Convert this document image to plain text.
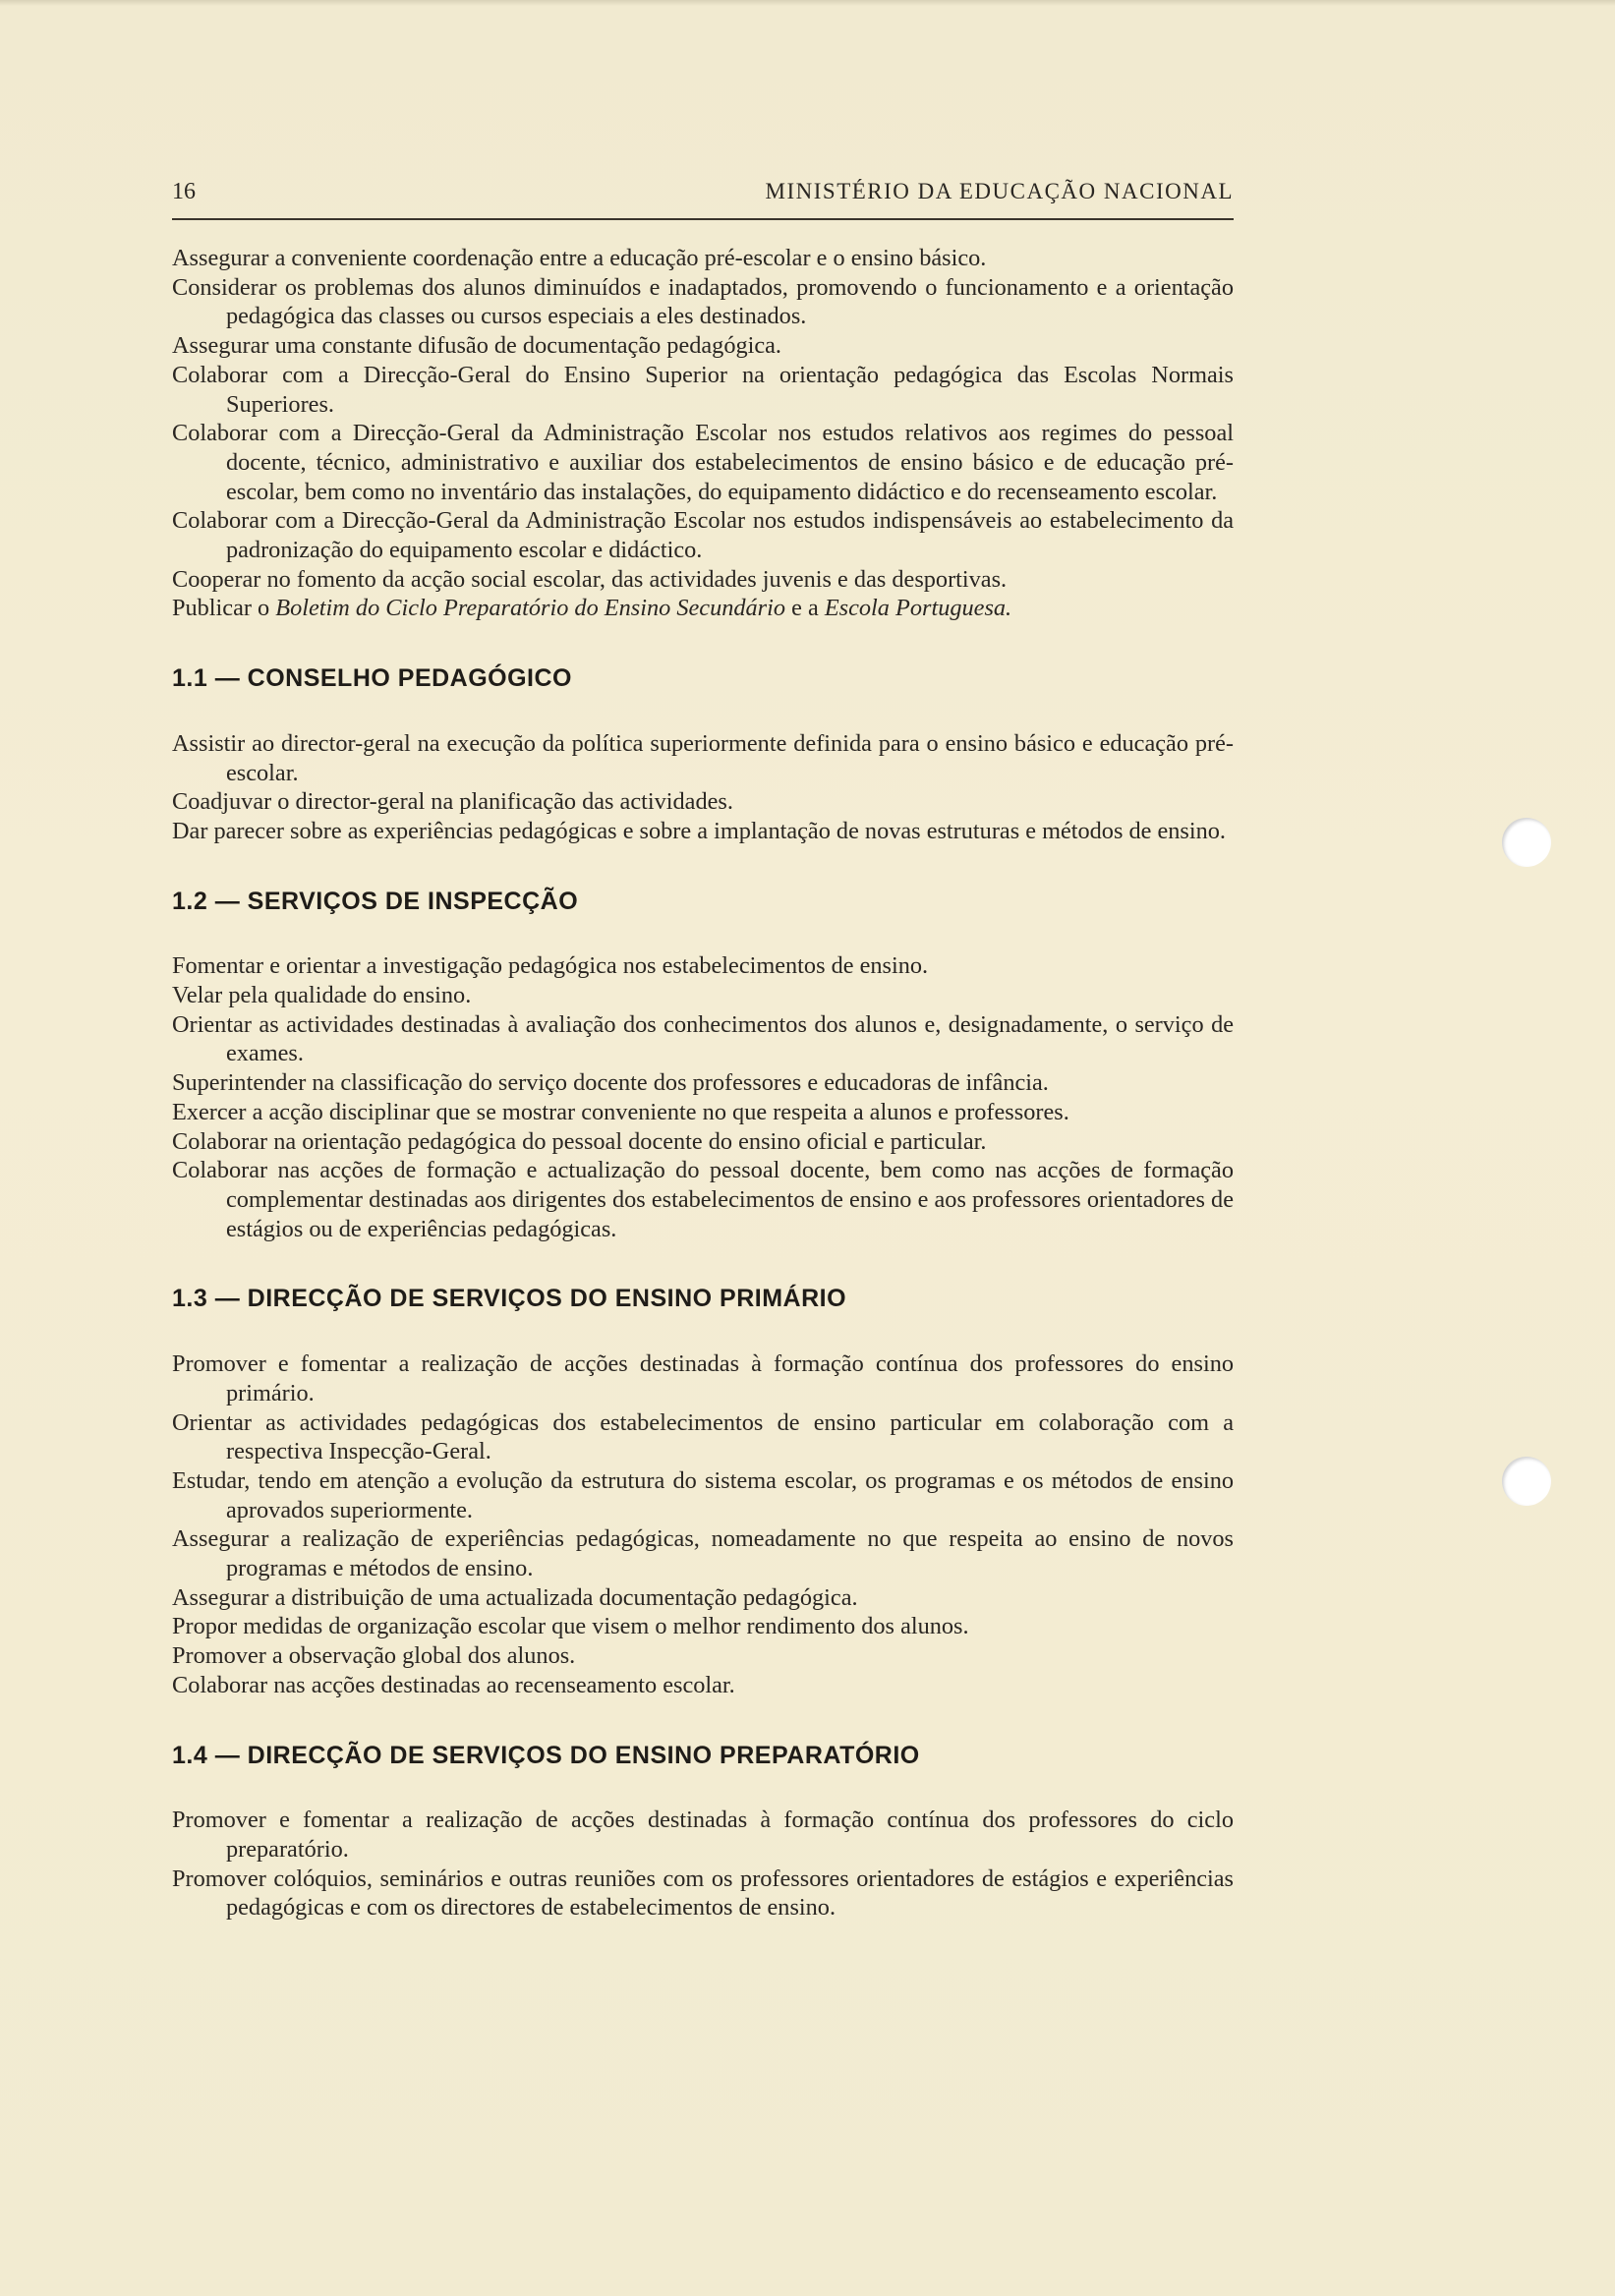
16	MINISTÉRIO DA EDUCAÇÃO NACIONAL

Assegurar a conveniente coordenação entre a educação pré-escolar e o ensino básico.

Considerar os problemas dos alunos diminuídos e inadaptados, promovendo o funcionamento e a orientação pedagógica das classes ou cursos especiais a eles destinados.

Assegurar uma constante difusão de documentação pedagógica.

Colaborar com a Direcção-Geral do Ensino Superior na orientação pedagógica das Escolas Normais Superiores.

Colaborar com a Direcção-Geral da Administração Escolar nos estudos relativos aos regimes do pessoal docente, técnico, administrativo e auxiliar dos estabelecimentos de ensino básico e de educação pré-escolar, bem como no inventário das instalações, do equipamento didáctico e do recenseamento escolar.

Colaborar com a Direcção-Geral da Administração Escolar nos estudos indispensáveis ao estabelecimento da padronização do equipamento escolar e didáctico.

Cooperar no fomento da acção social escolar, das actividades juvenis e das desportivas.

Publicar o Boletim do Ciclo Preparatório do Ensino Secundário e a Escola Portuguesa.

1.1 — CONSELHO PEDAGÓGICO

Assistir ao director-geral na execução da política superiormente definida para o ensino básico e educação pré-escolar.

Coadjuvar o director-geral na planificação das actividades.

Dar parecer sobre as experiências pedagógicas e sobre a implantação de novas estruturas e métodos de ensino.

1.2 — SERVIÇOS DE INSPECÇÃO

Fomentar e orientar a investigação pedagógica nos estabelecimentos de ensino.

Velar pela qualidade do ensino.

Orientar as actividades destinadas à avaliação dos conhecimentos dos alunos e, designadamente, o serviço de exames.

Superintender na classificação do serviço docente dos professores e educadoras de infância.

Exercer a acção disciplinar que se mostrar conveniente no que respeita a alunos e professores.

Colaborar na orientação pedagógica do pessoal docente do ensino oficial e particular.

Colaborar nas acções de formação e actualização do pessoal docente, bem como nas acções de formação complementar destinadas aos dirigentes dos estabelecimentos de ensino e aos professores orientadores de estágios ou de experiências pedagógicas.

1.3 — DIRECÇÃO DE SERVIÇOS DO ENSINO PRIMÁRIO

Promover e fomentar a realização de acções destinadas à formação contínua dos professores do ensino primário.

Orientar as actividades pedagógicas dos estabelecimentos de ensino particular em colaboração com a respectiva Inspecção-Geral.

Estudar, tendo em atenção a evolução da estrutura do sistema escolar, os programas e os métodos de ensino aprovados superiormente.

Assegurar a realização de experiências pedagógicas, nomeadamente no que respeita ao ensino de novos programas e métodos de ensino.

Assegurar a distribuição de uma actualizada documentação pedagógica.

Propor medidas de organização escolar que visem o melhor rendimento dos alunos.

Promover a observação global dos alunos.

Colaborar nas acções destinadas ao recenseamento escolar.

1.4 — DIRECÇÃO DE SERVIÇOS DO ENSINO PREPARATÓRIO

Promover e fomentar a realização de acções destinadas à formação contínua dos professores do ciclo preparatório.

Promover colóquios, seminários e outras reuniões com os professores orientadores de estágios e experiências pedagógicas e com os directores de estabelecimentos de ensino.
